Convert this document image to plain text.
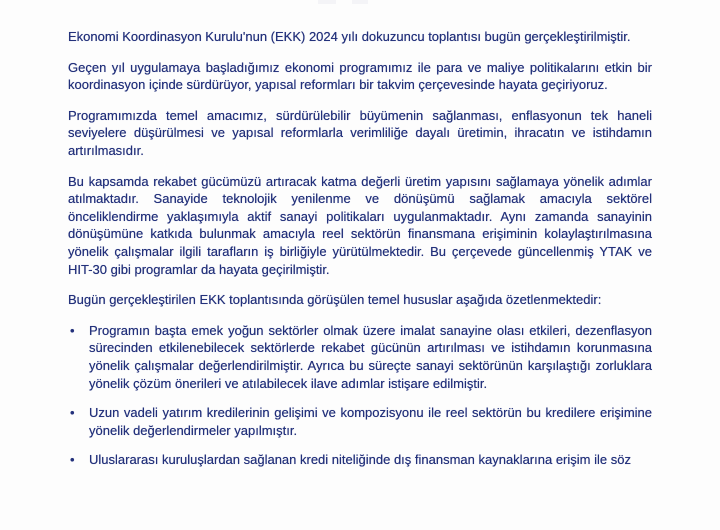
Ekonomi Koordinasyon Kurulu'nun (EKK) 2024 yılı dokuzuncu toplantısı bugün gerçekleştirilmiştir.

Geçen yıl uygulamaya başladığımız ekonomi programımız ile para ve maliye politikalarını etkin bir koordinasyon içinde sürdürüyor, yapısal reformları bir takvim çerçevesinde hayata geçiriyoruz.

Programımızda temel amacımız, sürdürülebilir büyümenin sağlanması, enflasyonun tek haneli seviyelere düşürülmesi ve yapısal reformlarla verimliliğe dayalı üretimin, ihracatın ve istihdamın artırılmasıdır.

Bu kapsamda rekabet gücümüzü artıracak katma değerli üretim yapısını sağlamaya yönelik adımlar atılmaktadır. Sanayide teknolojik yenilenme ve dönüşümü sağlamak amacıyla sektörel önceliklendirme yaklaşımıyla aktif sanayi politikaları uygulanmaktadır. Aynı zamanda sanayinin dönüşümüne katkıda bulunmak amacıyla reel sektörün finansmana erişiminin kolaylaştırılmasına yönelik çalışmalar ilgili tarafların iş birliğiyle yürütülmektedir. Bu çerçevede güncellenmiş YTAK ve HIT-30 gibi programlar da hayata geçirilmiştir.

Bugün gerçekleştirilen EKK toplantısında görüşülen temel hususlar aşağıda özetlenmektedir:

• Programın başta emek yoğun sektörler olmak üzere imalat sanayine olası etkileri, dezenflasyon sürecinden etkilenebilecek sektörlerde rekabet gücünün artırılması ve istihdamın korunmasına yönelik çalışmalar değerlendirilmiştir. Ayrıca bu süreçte sanayi sektörünün karşılaştığı zorluklara yönelik çözüm önerileri ve atılabilecek ilave adımlar istişare edilmiştir.
• Uzun vadeli yatırım kredilerinin gelişimi ve kompozisyonu ile reel sektörün bu kredilere erişimine yönelik değerlendirmeler yapılmıştır.
• Uluslararası kuruluşlardan sağlanan kredi niteliğinde dış finansman kaynaklarına erişim ile söz
